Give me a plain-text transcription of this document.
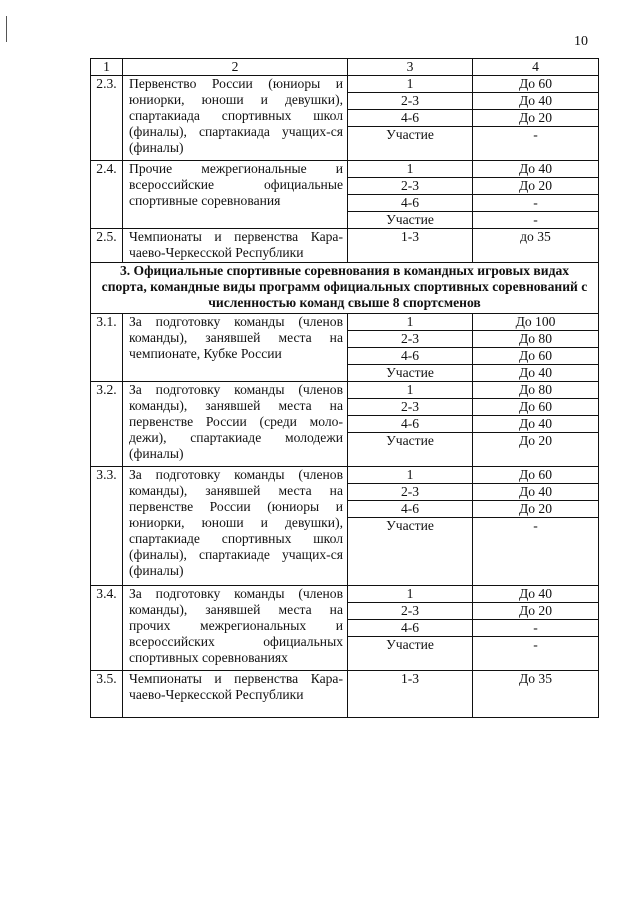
10
1	2	3	4
2.3.	Первенство России (юниоры и юниорки, юноши и девушки), спартакиада спортивных школ (финалы), спартакиада учащих-ся (финалы)	1	До 60
		2-3	До 40
		4-6	До 20
		Участие	-
2.4.	Прочие межрегиональные и всероссийские официальные спортивные соревнования	1	До 40
		2-3	До 20
		4-6	-
		Участие	-
2.5.	Чемпионаты и первенства Кара-чаево-Черкесской Республики	1-3	до 35
3. Официальные спортивные соревнования в командных игровых видах спорта, командные виды программ официальных спортивных соревнований с численностью команд свыше 8 спортсменов			
3.1.	За подготовку команды (членов команды), занявшей места на чемпионате, Кубке России	1	До 100
		2-3	До 80
		4-6	До 60
		Участие	До 40
3.2.	За подготовку команды (членов команды), занявшей места на первенстве России (среди моло-дежи), спартакиаде молодежи (финалы)	1	До 80
		2-3	До 60
		4-6	До 40
		Участие	До 20
3.3.	За подготовку команды (членов команды), занявшей места на первенстве России (юниоры и юниорки, юноши и девушки), спартакиаде спортивных школ (финалы), спартакиаде учащих-ся (финалы)	1	До 60
		2-3	До 40
		4-6	До 20
		Участие	-
3.4.	За подготовку команды (членов команды), занявшей места на прочих межрегиональных и всероссийских официальных спортивных соревнованиях	1	До 40
		2-3	До 20
		4-6	-
		Участие	-
3.5.	Чемпионаты и первенства Кара-чаево-Черкесской Республики	1-3	До 35
